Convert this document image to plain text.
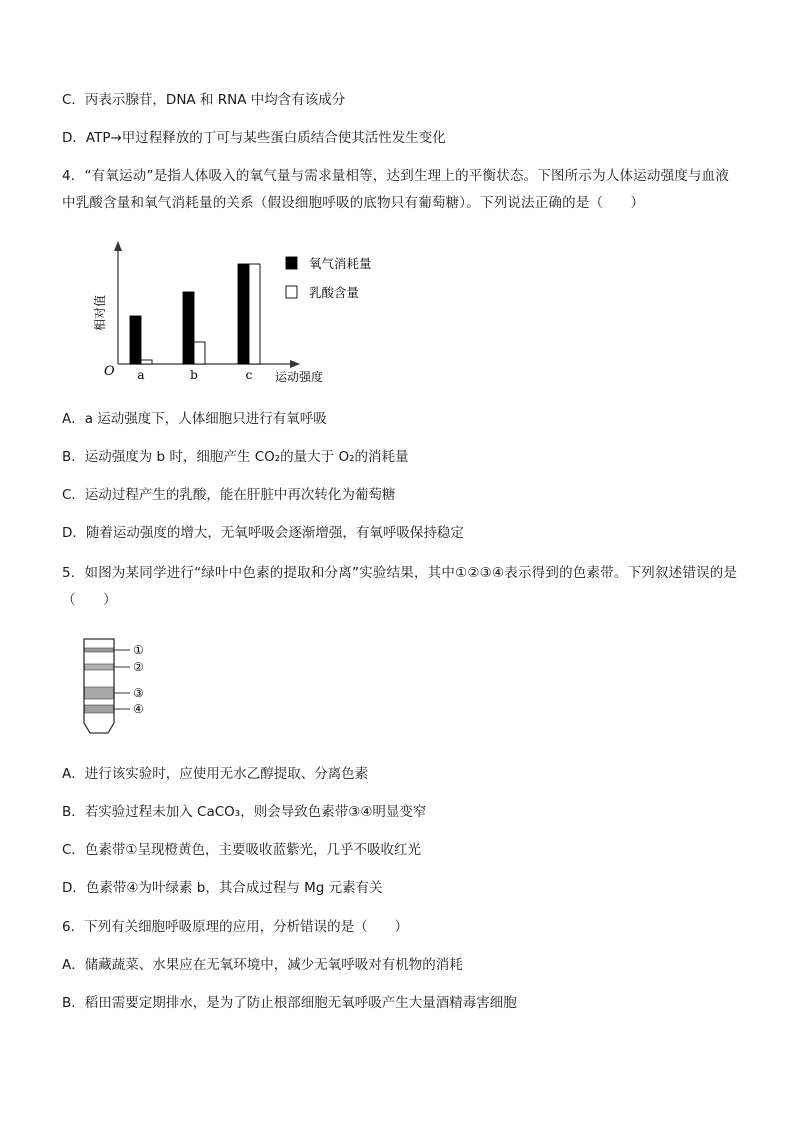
C．丙表示腺苷，DNA 和 RNA 中均含有该成分
D．ATP→甲过程释放的丁可与某些蛋白质结合使其活性发生变化
4．“有氧运动”是指人体吸入的氧气量与需求量相等，达到生理上的平衡状态。下图所示为人体运动强度与血液中乳酸含量和氧气消耗量的关系（假设细胞呼吸的底物只有葡萄糖）。下列说法正确的是（　　）
O
相对值
运动强度
a	b	c
氧气消耗量
乳酸含量
A．a 运动强度下，人体细胞只进行有氧呼吸
B．运动强度为 b 时，细胞产生 CO₂的量大于 O₂的消耗量
C．运动过程产生的乳酸，能在肝脏中再次转化为葡萄糖
D．随着运动强度的增大，无氧呼吸会逐渐增强，有氧呼吸保持稳定
5．如图为某同学进行“绿叶中色素的提取和分离”实验结果，其中①②③④表示得到的色素带。下列叙述错误的是（　　）
①
②
③
④
A．进行该实验时，应使用无水乙醇提取、分离色素
B．若实验过程未加入 CaCO₃，则会导致色素带③④明显变窄
C．色素带①呈现橙黄色，主要吸收蓝紫光，几乎不吸收红光
D．色素带④为叶绿素 b，其合成过程与 Mg 元素有关
6．下列有关细胞呼吸原理的应用，分析错误的是（　　）
A．储藏蔬菜、水果应在无氧环境中，减少无氧呼吸对有机物的消耗
B．稻田需要定期排水，是为了防止根部细胞无氧呼吸产生大量酒精毒害细胞
